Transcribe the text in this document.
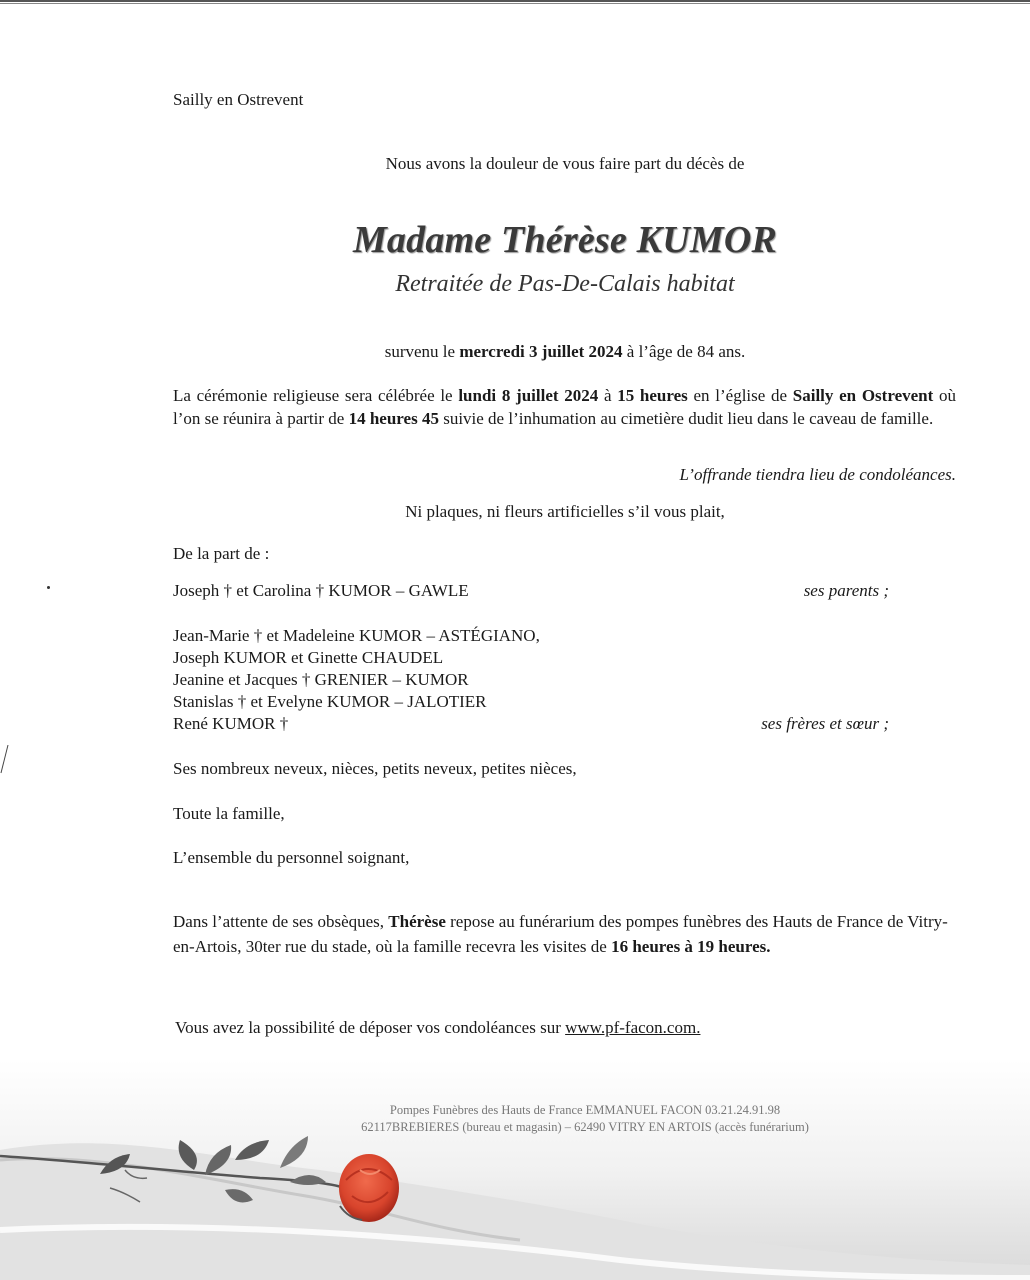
Sailly en Ostrevent
Nous avons la douleur de vous faire part du décès de
Madame Thérèse KUMOR
Retraitée de Pas-De-Calais habitat
survenu le mercredi 3 juillet 2024 à l’âge de 84 ans.
La cérémonie religieuse sera célébrée le lundi 8 juillet 2024 à 15 heures en l’église de Sailly en Ostrevent où l’on se réunira à partir de 14 heures 45 suivie de l’inhumation au cimetière dudit lieu dans le caveau de famille.
L’offrande tiendra lieu de condoléances.
Ni plaques, ni fleurs artificielles s’il vous plait,
De la part de :
Joseph † et Carolina † KUMOR – GAWLE	ses parents ;
Jean-Marie † et Madeleine KUMOR – ASTÉGIANO,
Joseph KUMOR et Ginette CHAUDEL
Jeanine et Jacques † GRENIER – KUMOR
Stanislas † et Evelyne KUMOR – JALOTIER
René KUMOR †	ses frères et sœur ;
Ses nombreux neveux, nièces, petits neveux, petites nièces,
Toute la famille,
L’ensemble du personnel soignant,
Dans l’attente de ses obsèques, Thérèse repose au funérarium des pompes funèbres des Hauts de France de Vitry-en-Artois, 30ter rue du stade, où la famille recevra les visites de 16 heures à 19 heures.
Vous avez la possibilité de déposer vos condoléances sur www.pf-facon.com.
Pompes Funèbres des Hauts de France EMMANUEL FACON 03.21.24.91.98
62117BREBIERES (bureau et magasin) – 62490 VITRY EN ARTOIS (accès funérarium)
